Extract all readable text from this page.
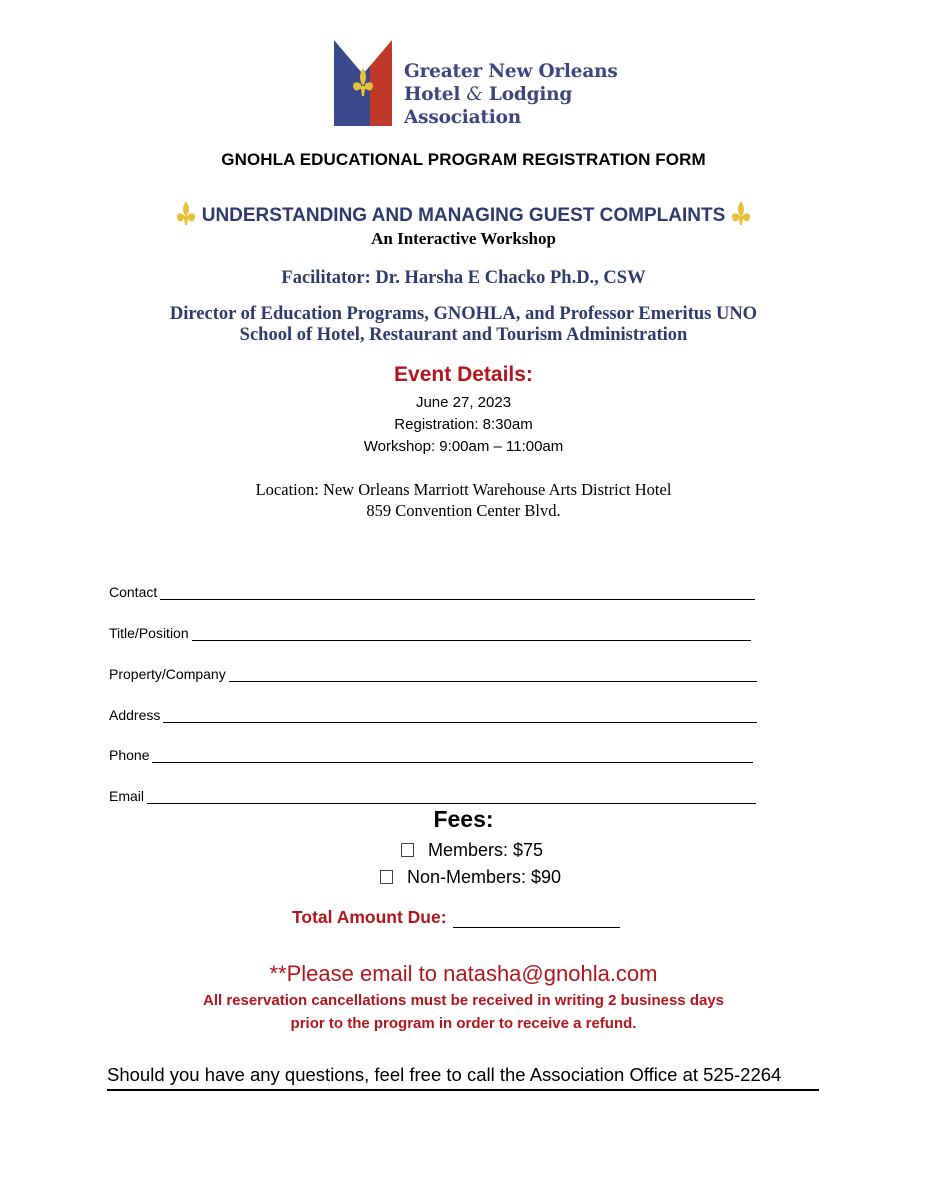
Greater New Orleans
Hotel & Lodging
Association
GNOHLA EDUCATIONAL PROGRAM REGISTRATION FORM
UNDERSTANDING AND MANAGING GUEST COMPLAINTS
An Interactive Workshop
Facilitator: Dr. Harsha E Chacko Ph.D., CSW
Director of Education Programs, GNOHLA, and Professor Emeritus UNO
School of Hotel, Restaurant and Tourism Administration
Event Details:
June 27, 2023
Registration: 8:30am
Workshop: 9:00am – 11:00am
Location: New Orleans Marriott Warehouse Arts District Hotel
859 Convention Center Blvd.
Contact
Title/Position
Property/Company
Address
Phone
Email
Fees:
Members: $75
Non-Members: $90
Total Amount Due:
**Please email to natasha@gnohla.com
All reservation cancellations must be received in writing 2 business days
prior to the program in order to receive a refund.
Should you have any questions, feel free to call the Association Office at 525-2264
